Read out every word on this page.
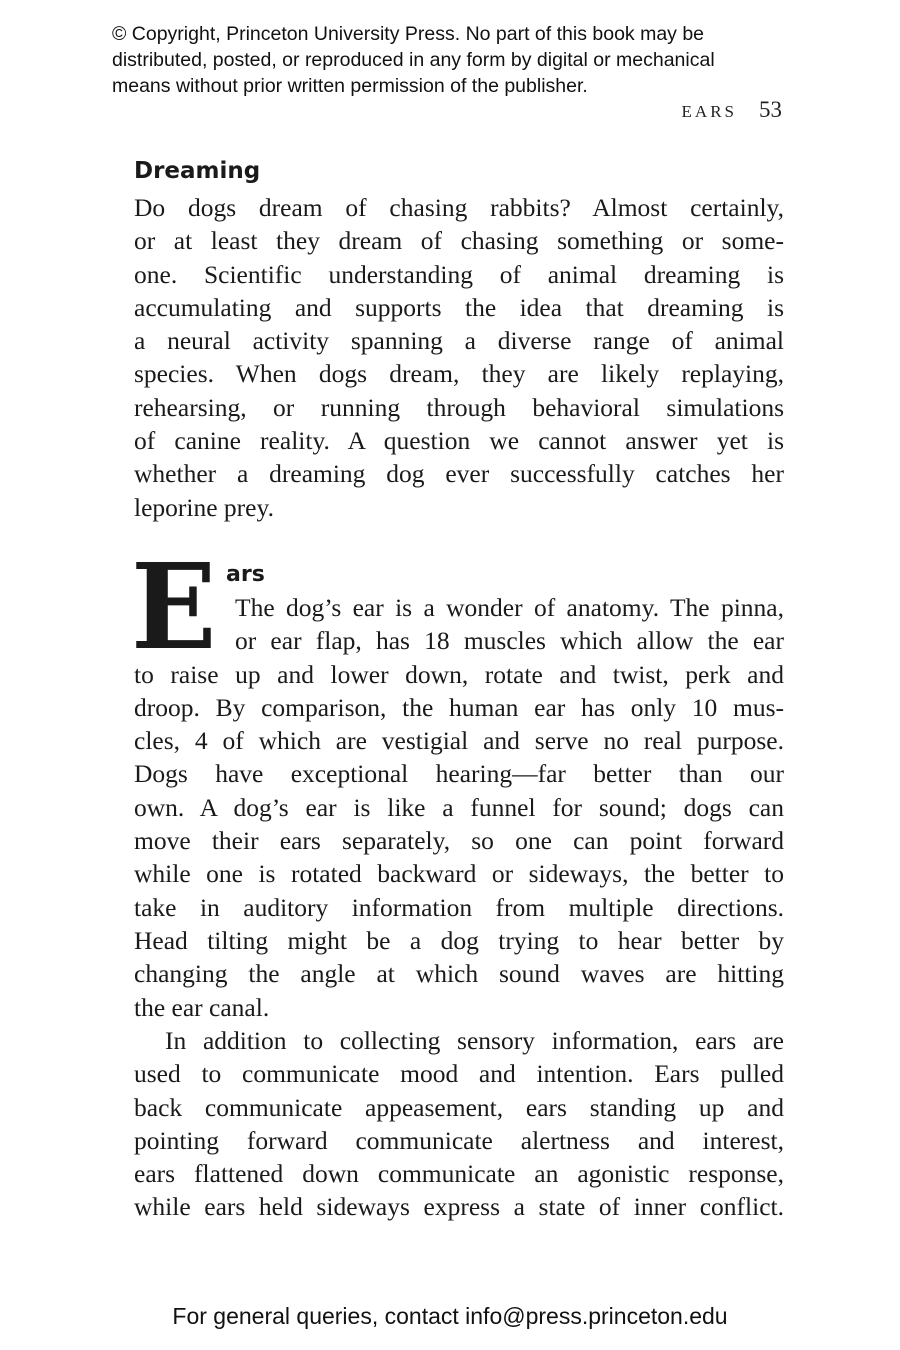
© Copyright, Princeton University Press. No part of this book may be
distributed, posted, or reproduced in any form by digital or mechanical
means without prior written permission of the publisher.
EARS 53
Dreaming
Do dogs dream of chasing rabbits? Almost certainly,
or at least they dream of chasing something or some-
one. Scientific understanding of animal dreaming is
accumulating and supports the idea that dreaming is
a neural activity spanning a diverse range of animal
species. When dogs dream, they are likely replaying,
rehearsing, or running through behavioral simulations
of canine reality. A question we cannot answer yet is
whether a dreaming dog ever successfully catches her
leporine prey.
E ars
The dog’s ear is a wonder of anatomy. The pinna,
or ear flap, has 18 muscles which allow the ear
to raise up and lower down, rotate and twist, perk and
droop. By comparison, the human ear has only 10 mus-
cles, 4 of which are vestigial and serve no real purpose.
Dogs have exceptional hearing—far better than our
own. A dog’s ear is like a funnel for sound; dogs can
move their ears separately, so one can point forward
while one is rotated backward or sideways, the better to
take in auditory information from multiple directions.
Head tilting might be a dog trying to hear better by
changing the angle at which sound waves are hitting
the ear canal.
In addition to collecting sensory information, ears are
used to communicate mood and intention. Ears pulled
back communicate appeasement, ears standing up and
pointing forward communicate alertness and interest,
ears flattened down communicate an agonistic response,
while ears held sideways express a state of inner conflict.
For general queries, contact info@press.princeton.edu
